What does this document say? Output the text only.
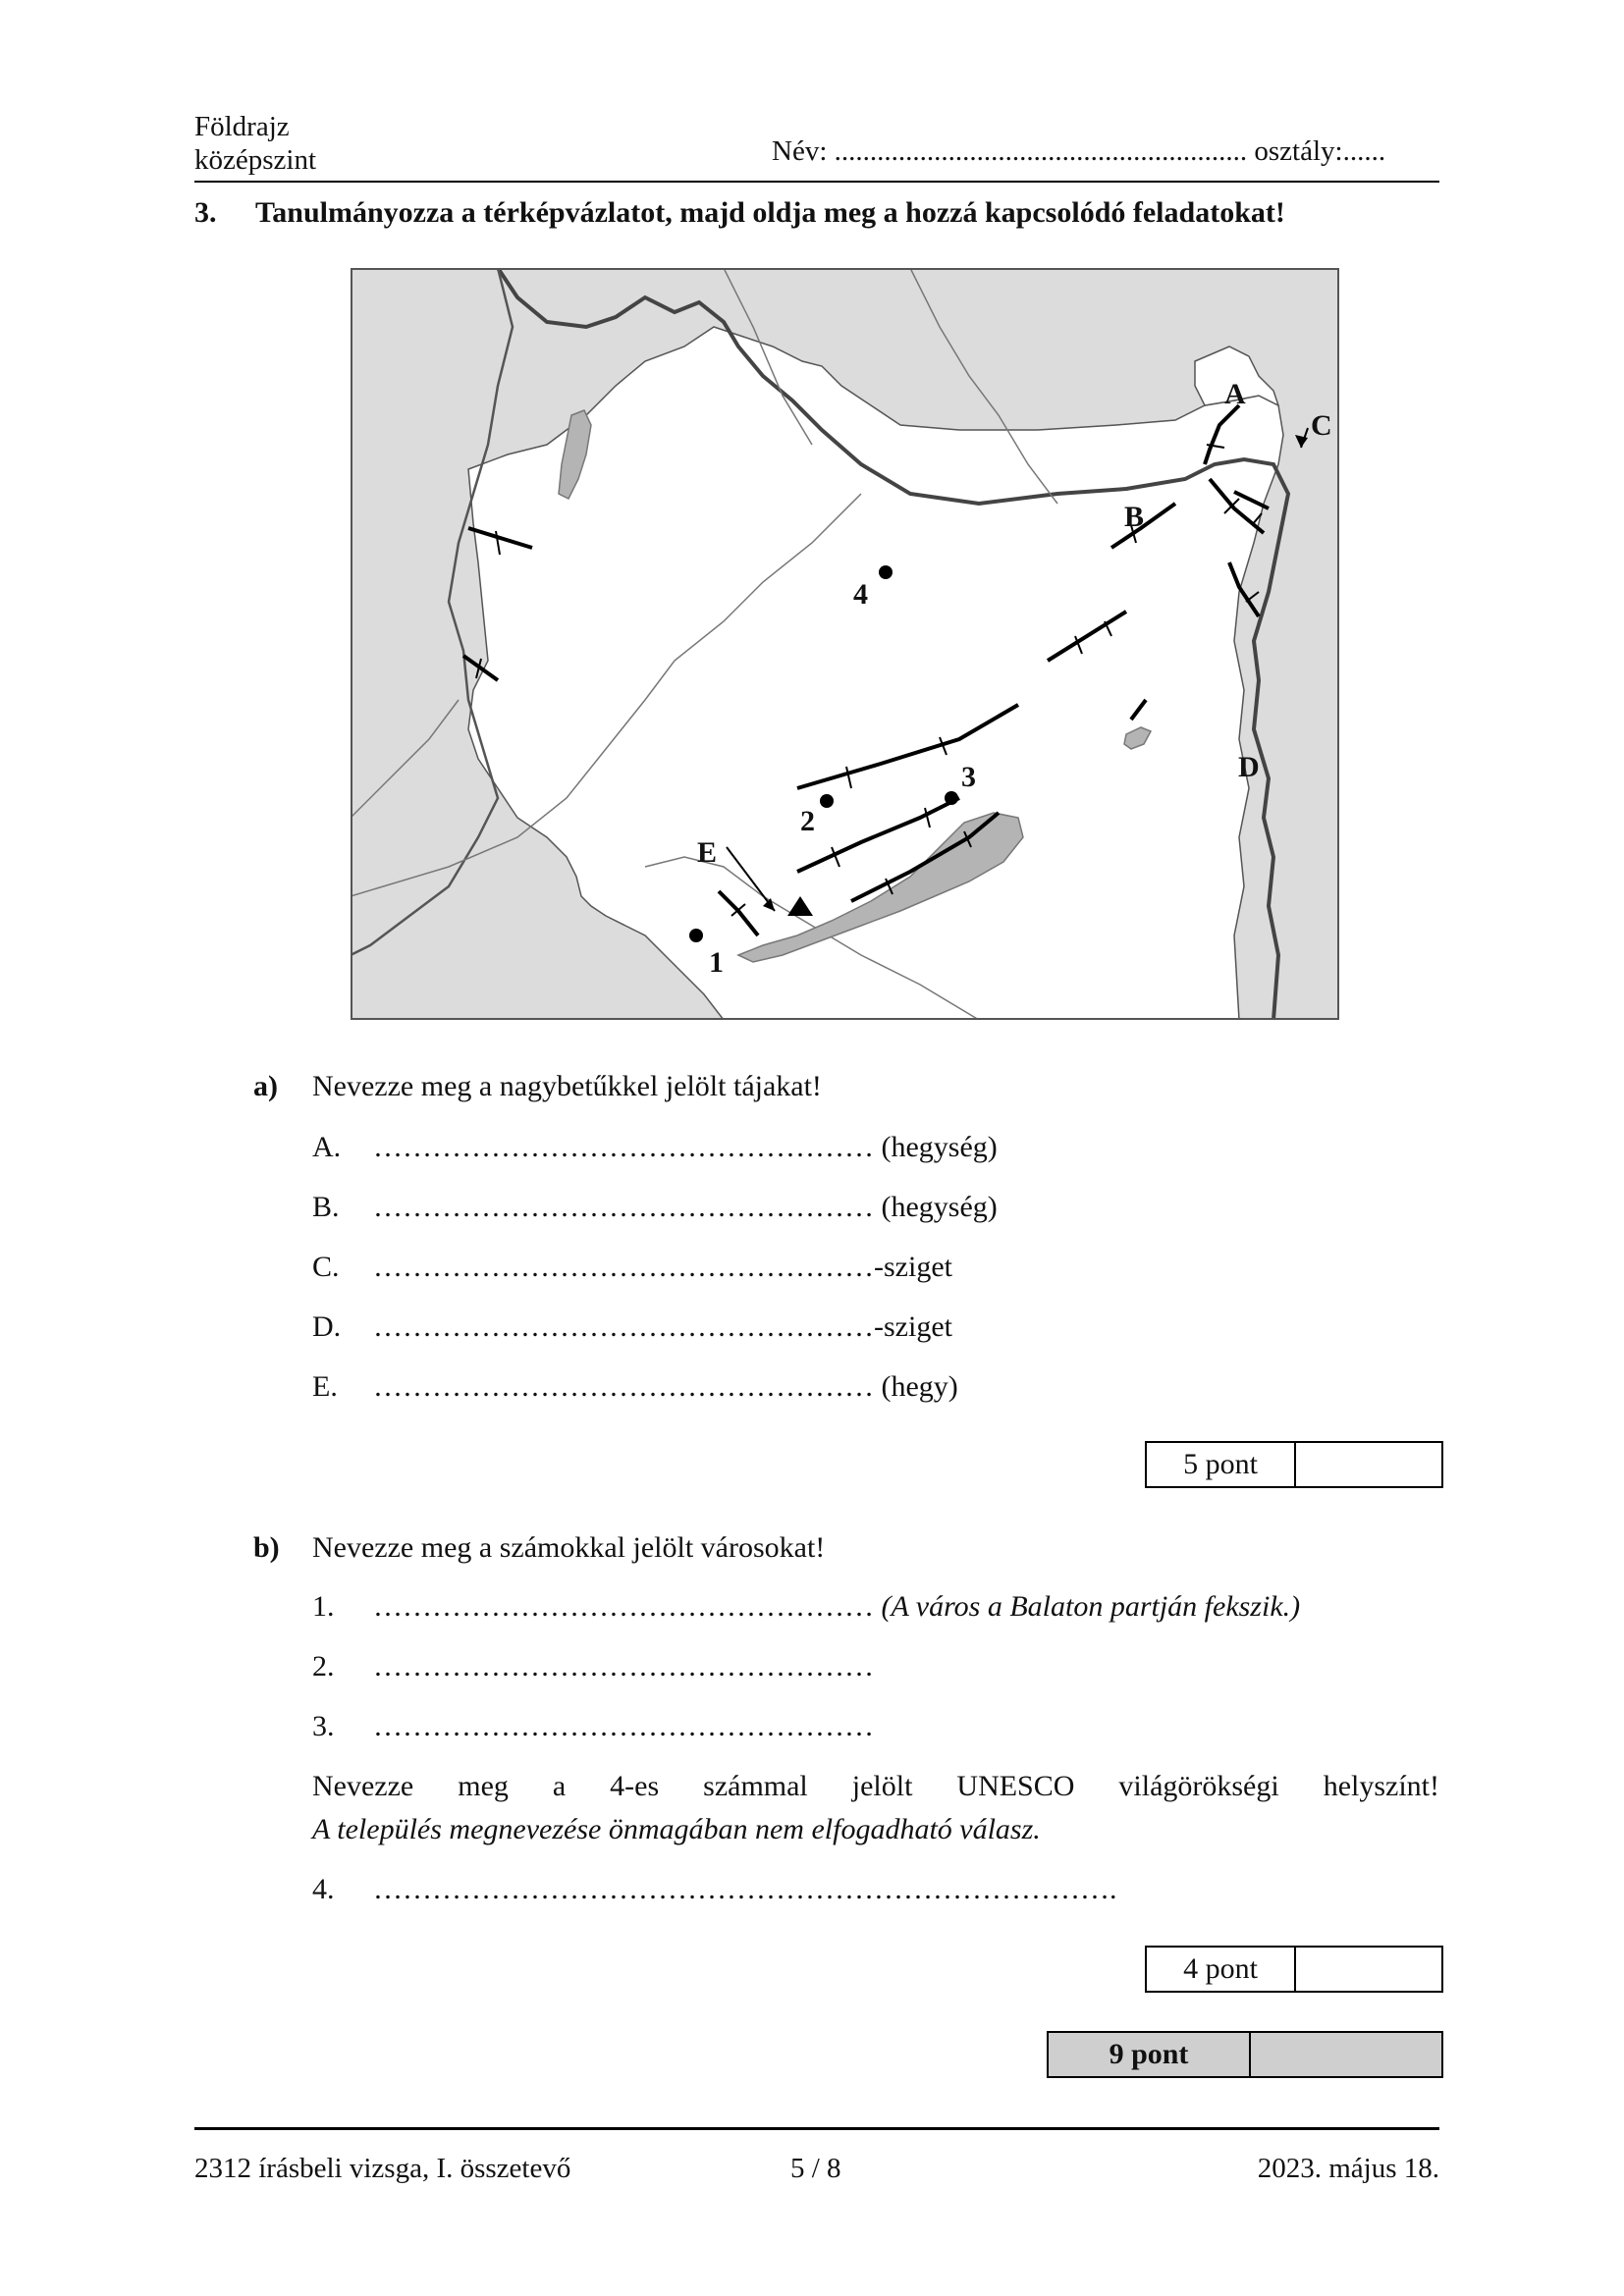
Földrajz
középszint	Név: .......................................................... osztály:......
3. Tanulmányozza a térképvázlatot, majd oldja meg a hozzá kapcsolódó feladatokat!
A
B
C
D
E
1
2
3
4
a) Nevezze meg a nagybetűkkel jelölt tájakat!
A. …………………………………………… (hegység)
B. …………………………………………… (hegység)
C. ……………………………………………-sziget
D. ……………………………………………-sziget
E. …………………………………………… (hegy)
5 pont	
b) Nevezze meg a számokkal jelölt városokat!
1. …………………………………………… (A város a Balaton partján fekszik.)
2. ……………………………………………
3. ……………………………………………
Nevezze meg a 4-es számmal jelölt UNESCO világörökségi helyszínt!
A település megnevezése önmagában nem elfogadható válasz.
4. ………………………………………………………………….
4 pont	
9 pont	
2312 írásbeli vizsga, I. összetevő	5 / 8	2023. május 18.
